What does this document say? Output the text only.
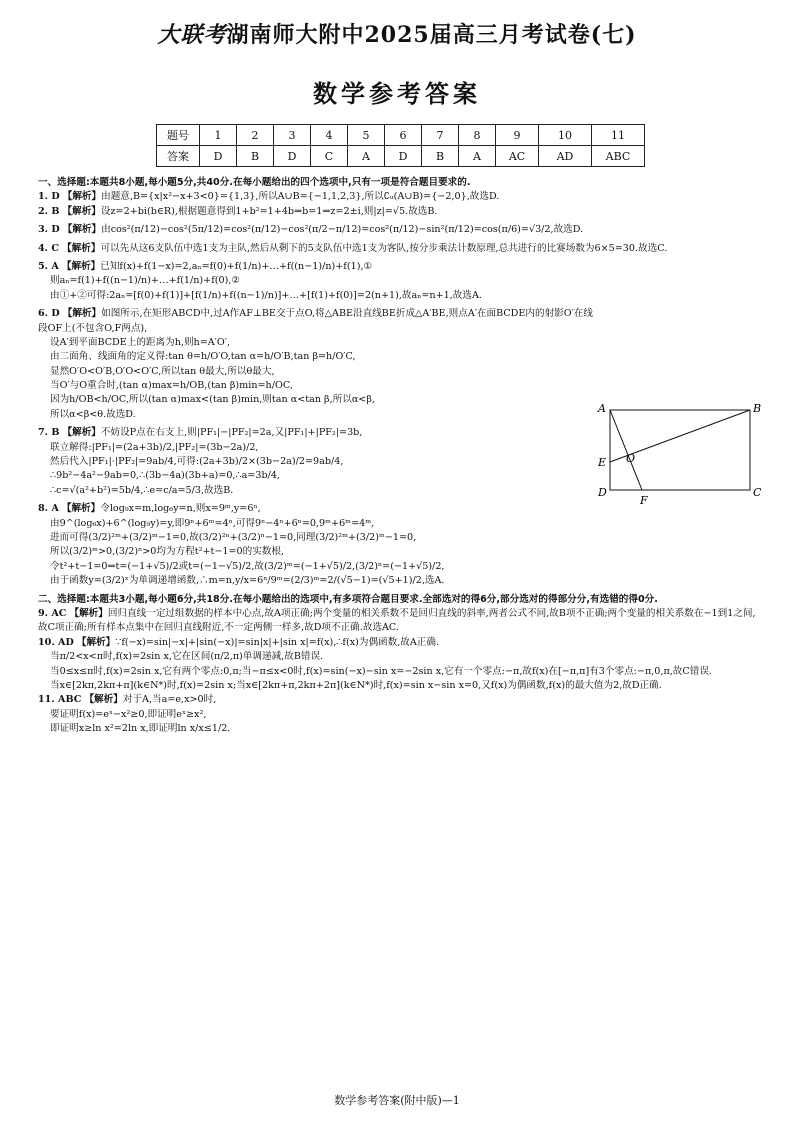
大联考湖南师大附中2025届高三月考试卷(七)
数学参考答案
题号	1	2	3	4	5	6	7	8	9	10	11
答案	D	B	D	C	A	D	B	A	AC	AD	ABC

一、选择题:本题共8小题,每小题5分,共40分.在每小题给出的四个选项中,只有一项是符合题目要求的.

1. D 【解析】由题意,B={x|x²−x+3<0}={1,3},所以A∪B={−1,1,2,3},所以∁ᵤ(A∪B)={−2,0},故选D.

2. B 【解析】设z=2+bi(b∈R),根据题意得到1+b²=1+4b⇒b=1⇒z=2±i,则|z|=√5.故选B.

3. D 【解析】由cos²(π/12)−cos²(5π/12)=cos²(π/12)−cos²(π/2−π/12)=cos²(π/12)−sin²(π/12)=cos(π/6)=√3/2,故选D.

4. C 【解析】可以先从这6支队伍中选1支为主队,然后从剩下的5支队伍中选1支为客队,按分步乘法计数原理,总共进行的比赛场数为6×5=30.故选C.

5. A 【解析】已知f(x)+f(1−x)=2,aₙ=f(0)+f(1/n)+…+f((n−1)/n)+f(1),①

则aₙ=f(1)+f((n−1)/n)+…+f(1/n)+f(0),②

由①+②可得:2aₙ=[f(0)+f(1)]+[f(1/n)+f((n−1)/n)]+…+[f(1)+f(0)]=2(n+1),故aₙ=n+1,故选A.

6. D 【解析】如图所示,在矩形ABCD中,过A作AF⊥BE交于点O,将△ABE沿直线BE折成△A′BE,则点A′在面BCDE内的射影O′在线段OF上(不包含O,F两点),

设A′到平面BCDE上的距离为h,则h=A′O′,

由二面角、线面角的定义得:tan θ=h/O′O,tan α=h/O′B,tan β=h/O′C,

显然O′O<O′B,O′O<O′C,所以tan θ最大,所以θ最大,

当O′与O重合时,(tan α)max=h/OB,(tan β)min=h/OC,

因为h/OB<h/OC,所以(tan α)max<(tan β)min,则tan α<tan β,所以α<β,

所以α<β<θ.故选D.

7. B 【解析】不妨设P点在右支上,则|PF₁|−|PF₂|=2a,又|PF₁|+|PF₂|=3b,

联立解得:|PF₁|=(2a+3b)/2,|PF₂|=(3b−2a)/2,

然后代入|PF₁|·|PF₂|=9ab/4,可得:(2a+3b)/2×(3b−2a)/2=9ab/4,

∴9b²−4a²−9ab=0,∴(3b−4a)(3b+a)=0,∴a=3b/4,

∴c=√(a²+b²)=5b/4,∴e=c/a=5/3,故选B.

8. A 【解析】令log₉x=m,log₆y=n,则x=9ᵐ,y=6ⁿ,

由9^(log₆x)+6^(log₉y)=y,即9ⁿ+6ᵐ=4ⁿ,可得9ⁿ−4ⁿ+6ⁿ=0,9ᵐ+6ᵐ=4ᵐ,

进而可得(3/2)²ᵐ+(3/2)ᵐ−1=0,故(3/2)²ⁿ+(3/2)ⁿ−1=0,同理(3/2)²ᵐ+(3/2)ᵐ−1=0,

所以(3/2)ᵐ>0,(3/2)ⁿ>0均为方程t²+t−1=0的实数根,

令t²+t−1=0⇒t=(−1+√5)/2或t=(−1−√5)/2,故(3/2)ᵐ=(−1+√5)/2,(3/2)ⁿ=(−1+√5)/2,

由于函数y=(3/2)ˣ为单调递增函数,∴m=n,y/x=6ⁿ/9ᵐ=(2/3)ᵐ=2/(√5−1)=(√5+1)/2,选A.

二、选择题:本题共3小题,每小题6分,共18分.在每小题给出的选项中,有多项符合题目要求.全部选对的得6分,部分选对的得部分分,有选错的得0分.

9. AC 【解析】回归直线一定过组数据的样本中心点,故A项正确;两个变量的相关系数不是回归直线的斜率,两者公式不同,故B项不正确;两个变量的相关系数在−1到1之间,故C项正确;所有样本点集中在回归直线附近,不一定两侧一样多,故D项不正确.故选AC.

10. AD 【解析】∵f(−x)=sin|−x|+|sin(−x)|=sin|x|+|sin x|=f(x),∴f(x)为偶函数,故A正确.

当π/2<x<π时,f(x)=2sin x,它在区间(π/2,π)单调递减,故B错误.

当0≤x≤π时,f(x)=2sin x,它有两个零点:0,π;当−π≤x<0时,f(x)=sin(−x)−sin x=−2sin x,它有一个零点:−π,故f(x)在[−π,π]有3个零点:−π,0,π,故C错误.

当x∈[2kπ,2kπ+π](k∈N*)时,f(x)=2sin x;当x∈[2kπ+π,2kπ+2π](k∈N*)时,f(x)=sin x−sin x=0,又f(x)为偶函数,f(x)的最大值为2,故D正确.

11. ABC 【解析】对于A,当a=e,x>0时,

要证明f(x)=eˣ−x²≥0,即证明eˣ≥x²,

即证明x≥ln x²=2ln x,即证明ln x/x≤1/2.

A	B
C
D
E O
F
数学参考答案(附中版)—1
